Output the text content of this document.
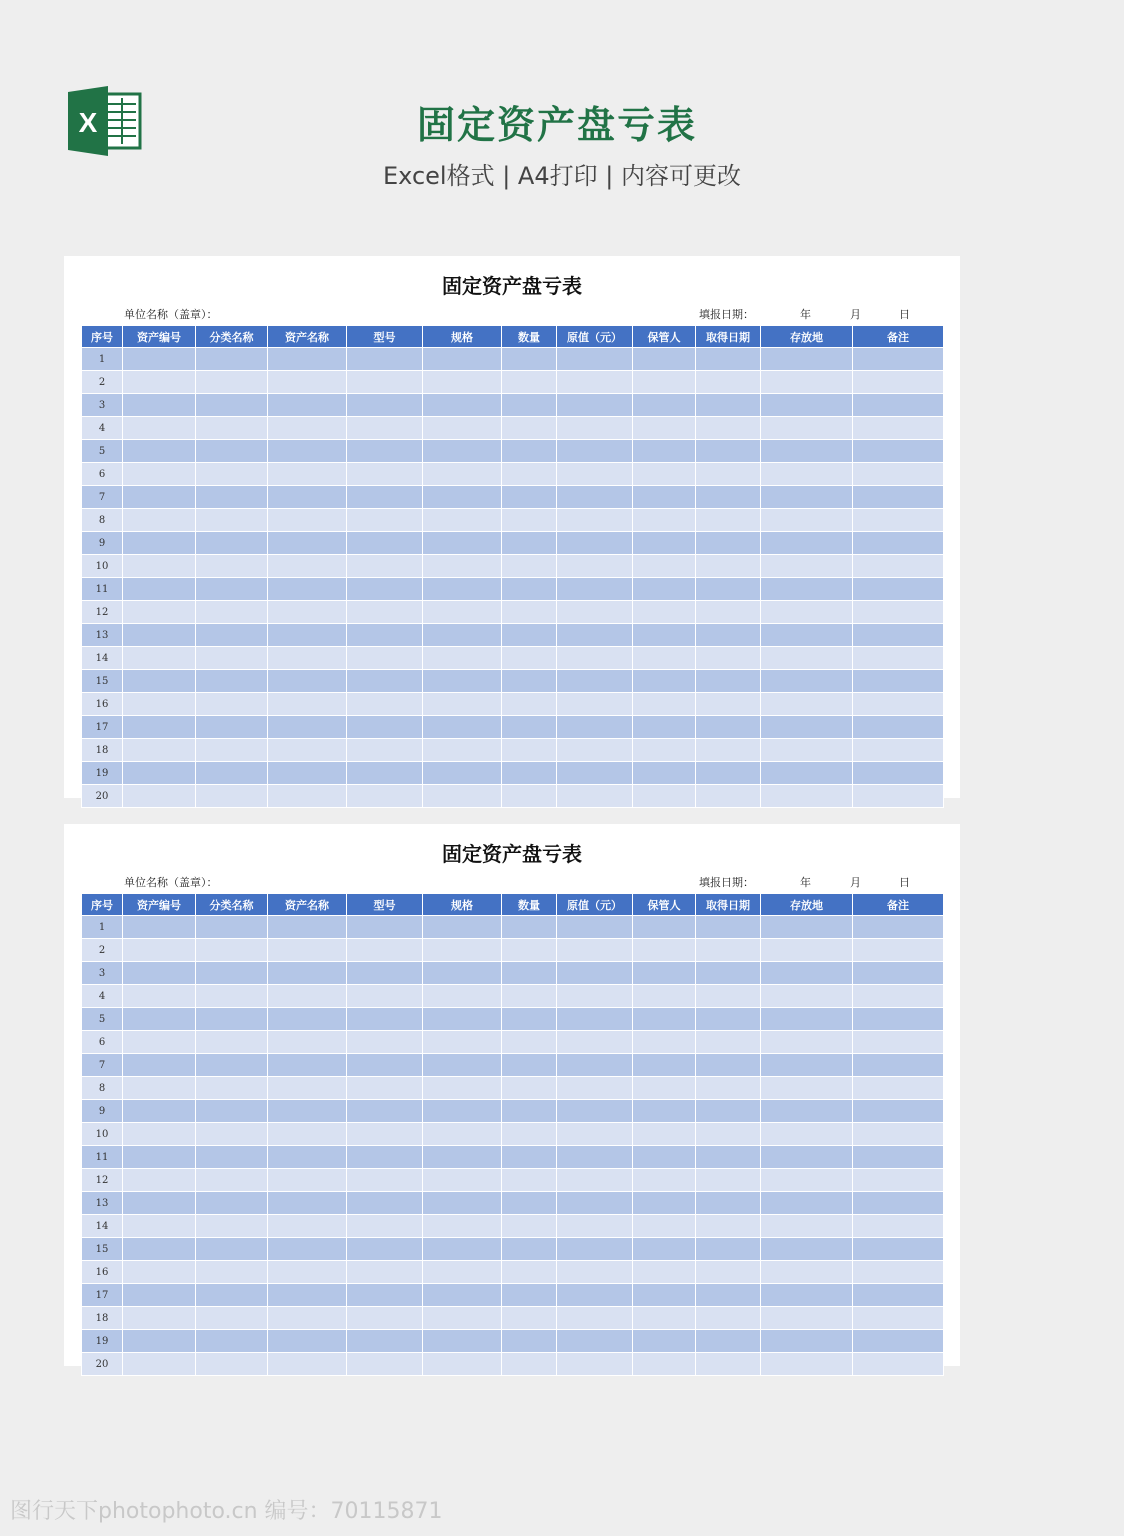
X	固定资产盘亏表
Excel格式 | A4打印 | 内容可更改
固定资产盘亏表
单位名称（盖章）：	填报日期：	年	月	日
序号	资产编号	分类名称	资产名称	型号	规格	数量	原值（元）	保管人	取得日期	存放地	备注
1											
2											
3											
4											
5											
6											
7											
8											
9											
10											
11											
12											
13											
14											
15											
16											
17											
18											
19											
20											
固定资产盘亏表
单位名称（盖章）：	填报日期：	年	月	日
序号	资产编号	分类名称	资产名称	型号	规格	数量	原值（元）	保管人	取得日期	存放地	备注
1											
2											
3											
4											
5											
6											
7											
8											
9											
10											
11											
12											
13											
14											
15											
16											
17											
18											
19											
20											
图行天下photophoto.cn 编号：70115871
